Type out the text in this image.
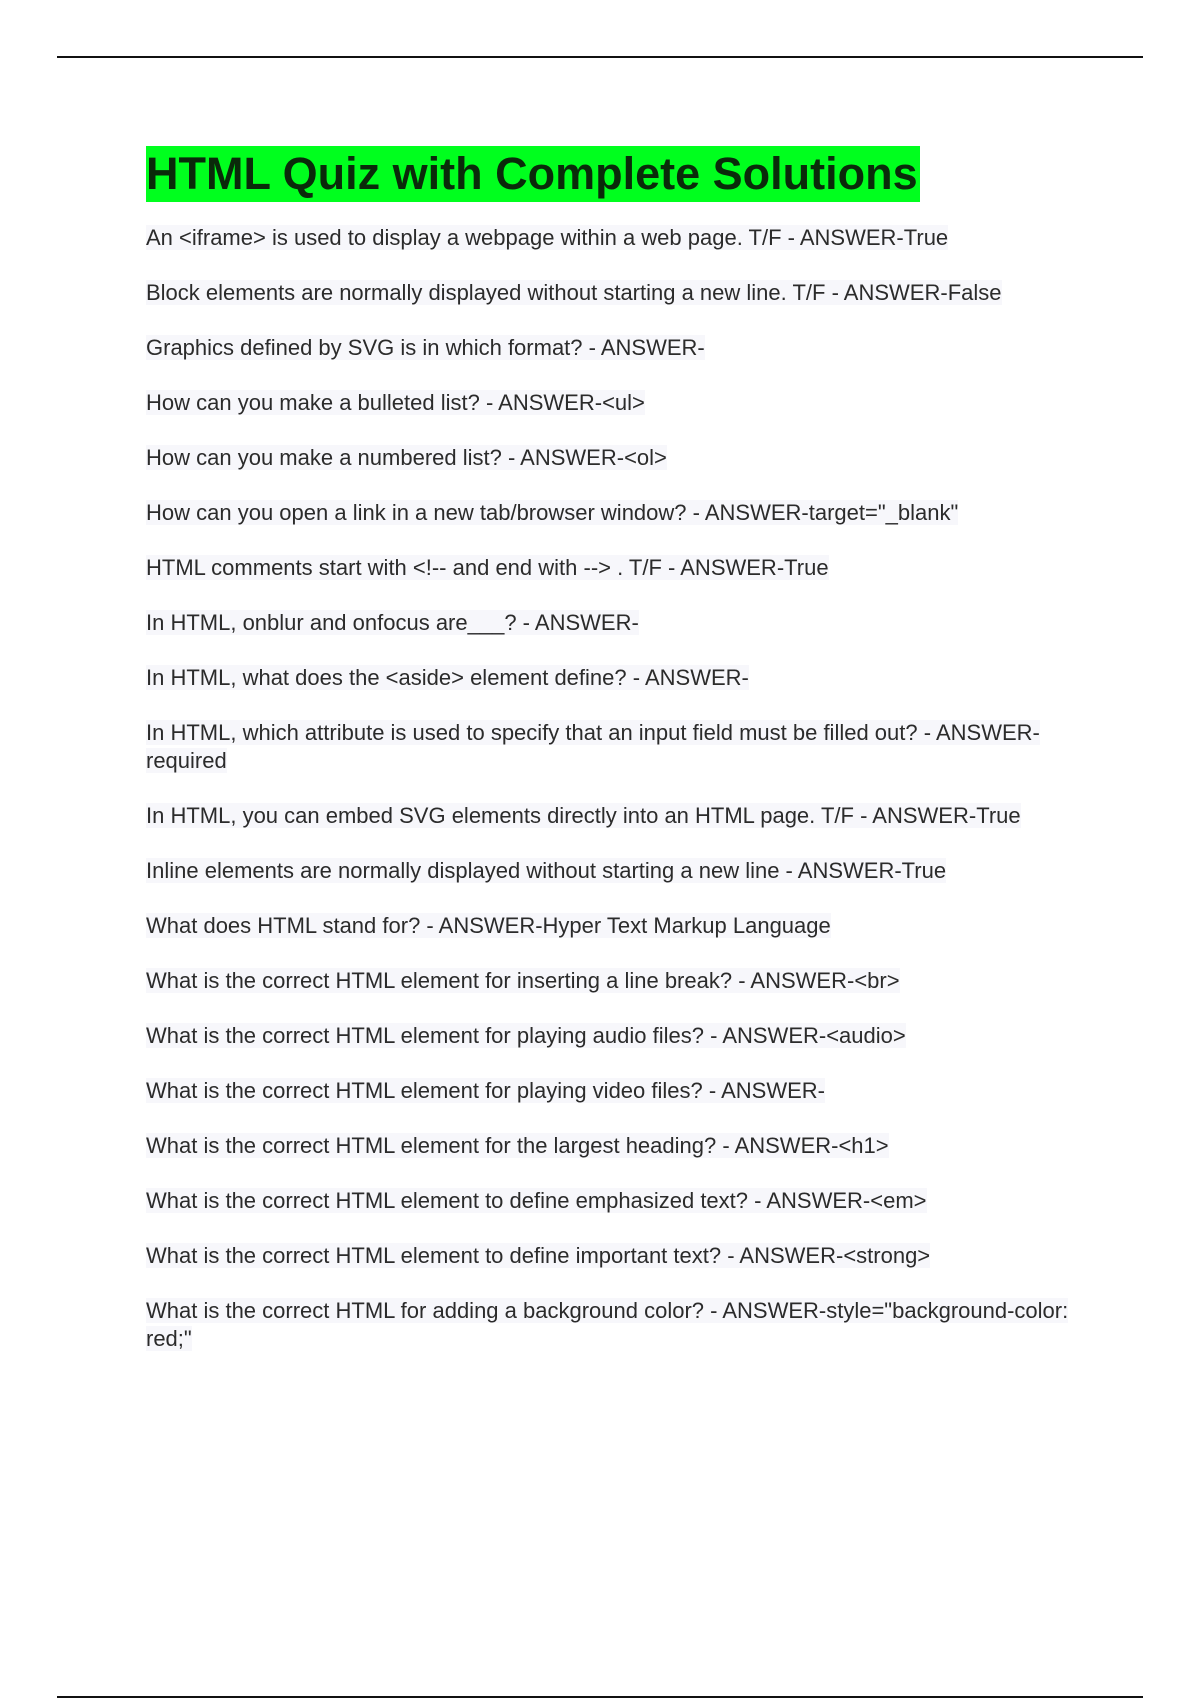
HTML Quiz with Complete Solutions
An <iframe> is used to display a webpage within a web page. T/F - ANSWER-True
Block elements are normally displayed without starting a new line. T/F - ANSWER-False
Graphics defined by SVG is in which format? - ANSWER-
How can you make a bulleted list? - ANSWER-<ul>
How can you make a numbered list? - ANSWER-<ol>
How can you open a link in a new tab/browser window? - ANSWER-target="_blank"
HTML comments start with <!-- and end with --> . T/F - ANSWER-True
In HTML, onblur and onfocus are___? - ANSWER-
In HTML, what does the <aside> element define? - ANSWER-
In HTML, which attribute is used to specify that an input field must be filled out? - ANSWER-required
In HTML, you can embed SVG elements directly into an HTML page. T/F - ANSWER-True
Inline elements are normally displayed without starting a new line - ANSWER-True
What does HTML stand for? - ANSWER-Hyper Text Markup Language
What is the correct HTML element for inserting a line break? - ANSWER-<br>
What is the correct HTML element for playing audio files? - ANSWER-<audio>
What is the correct HTML element for playing video files? - ANSWER-
What is the correct HTML element for the largest heading? - ANSWER-<h1>
What is the correct HTML element to define emphasized text? - ANSWER-<em>
What is the correct HTML element to define important text? - ANSWER-<strong>
What is the correct HTML for adding a background color? - ANSWER-style="background-color: red;"
